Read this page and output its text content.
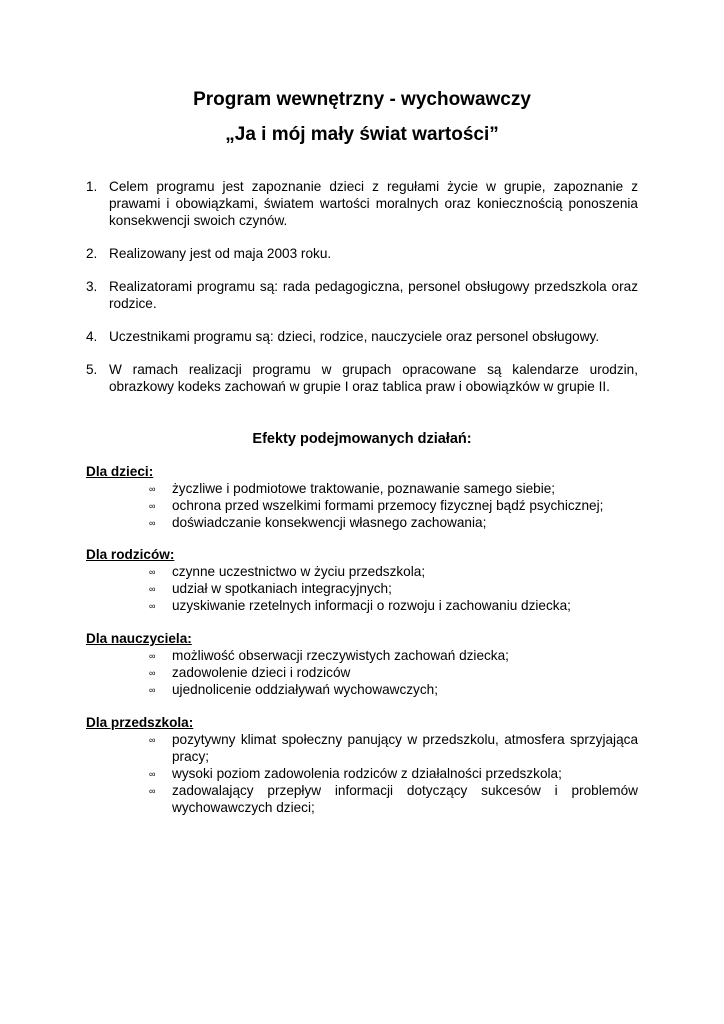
Program wewnętrzny - wychowawczy
„Ja i mój mały świat wartości”
1. Celem programu jest zapoznanie dzieci z regułami życie w grupie, zapoznanie z prawami i obowiązkami, światem wartości moralnych oraz koniecznością ponoszenia konsekwencji swoich czynów.
2. Realizowany jest od maja 2003 roku.
3. Realizatorami programu są: rada pedagogiczna, personel obsługowy przedszkola oraz rodzice.
4. Uczestnikami programu są: dzieci, rodzice, nauczyciele oraz personel obsługowy.
5. W ramach realizacji programu w grupach opracowane są kalendarze urodzin, obrazkowy kodeks zachowań w grupie I oraz tablica praw i obowiązków w grupie II.
Efekty podejmowanych działań:
Dla dzieci:
∞ życzliwe i podmiotowe traktowanie, poznawanie samego siebie;
∞ ochrona przed wszelkimi formami przemocy fizycznej bądź psychicznej;
∞ doświadczanie konsekwencji własnego zachowania;
Dla rodziców:
∞ czynne uczestnictwo w życiu przedszkola;
∞ udział w spotkaniach integracyjnych;
∞ uzyskiwanie rzetelnych informacji o rozwoju i zachowaniu dziecka;
Dla nauczyciela:
∞ możliwość obserwacji rzeczywistych zachowań dziecka;
∞ zadowolenie dzieci i rodziców
∞ ujednolicenie oddziaływań wychowawczych;
Dla przedszkola:
∞ pozytywny klimat społeczny panujący w przedszkolu, atmosfera sprzyjająca pracy;
∞ wysoki poziom zadowolenia rodziców z działalności przedszkola;
∞ zadowalający przepływ informacji dotyczący sukcesów i problemów wychowawczych dzieci;
